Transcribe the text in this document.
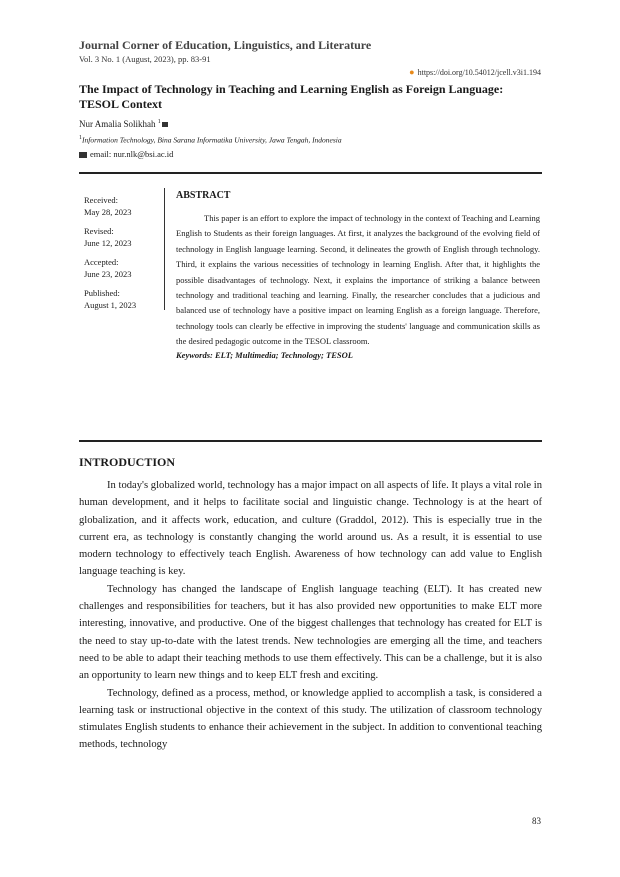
Journal Corner of Education, Linguistics, and Literature
Vol. 3 No. 1 (August, 2023), pp. 83-91
● https://doi.org/10.54012/jcell.v3i1.194
The Impact of Technology in Teaching and Learning English as Foreign Language: TESOL Context
Nur Amalia Solikhah $^1$
$^1$Information Technology, Bina Sarana Informatika University, Jawa Tengah, Indonesia
email: nur.nlk@bsi.ac.id
Received:
May 28, 2023
Revised:
June 12, 2023
Accepted:
June 23, 2023
Published:
August 1, 2023
ABSTRACT

This paper is an effort to explore the impact of technology in the context of Teaching and Learning English to Students as their foreign languages. At first, it analyzes the background of the evolving field of technology in English language learning. Second, it delineates the growth of English through technology. Third, it explains the various necessities of technology in learning English. After that, it highlights the possible disadvantages of technology. Next, it explains the importance of striking a balance between technology and traditional teaching and learning. Finally, the researcher concludes that a judicious and balanced use of technology have a positive impact on learning English as a foreign language. Therefore, technology tools can clearly be effective in improving the students' language and communication skills as the desired pedagogic outcome in the TESOL classroom.

Keywords: ELT; Multimedia; Technology; TESOL
INTRODUCTION

In today's globalized world, technology has a major impact on all aspects of life. It plays a vital role in human development, and it helps to facilitate social and linguistic change. Technology is at the heart of globalization, and it affects work, education, and culture (Graddol, 2012). This is especially true in the current era, as technology is constantly changing the world around us. As a result, it is essential to use modern technology to effectively teach English. Awareness of how technology can add value to English language teaching is key.

Technology has changed the landscape of English language teaching (ELT). It has created new challenges and responsibilities for teachers, but it has also provided new opportunities to make ELT more interesting, innovative, and productive. One of the biggest challenges that technology has created for ELT is the need to stay up-to-date with the latest trends. New technologies are emerging all the time, and teachers need to be able to adapt their teaching methods to use them effectively. This can be a challenge, but it is also an opportunity to learn new things and to keep ELT fresh and exciting.

Technology, defined as a process, method, or knowledge applied to accomplish a task, is considered a learning task or instructional objective in the context of this study. The utilization of classroom technology stimulates English students to enhance their achievement in the subject. In addition to conventional teaching methods, technology

83
